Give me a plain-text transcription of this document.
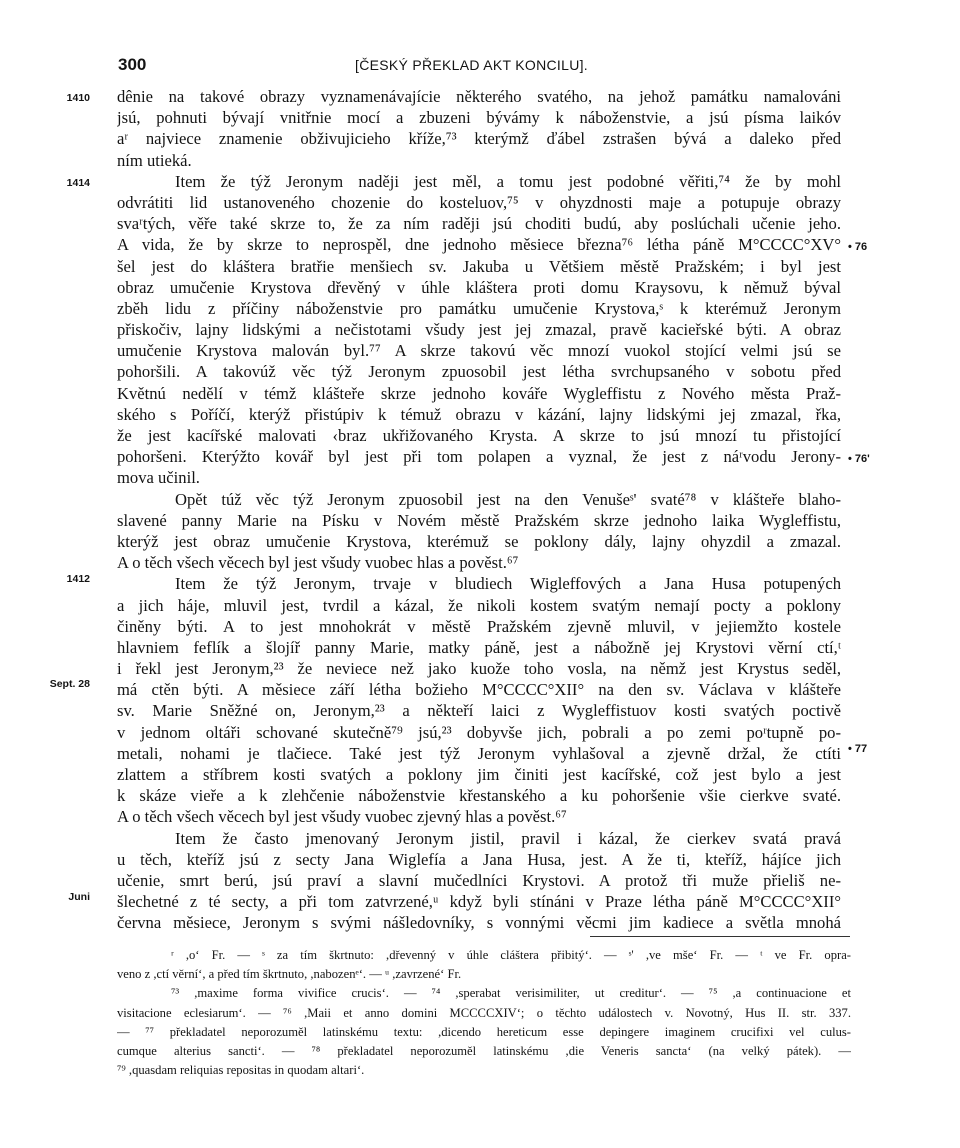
300	[ČESKÝ PŘEKLAD AKT KONCILU].
1410
1414
1412
Sept. 28
Juni
• 76
• 76'
• 77
dênie na takové obrazy vyznamenávajície některého svatého, na jehož památku namalováni
jsú, pohnuti bývají vnitřnie mocí a zbuzeni bývámy k náboženstvie, a jsú písma laikóv
aʳ najviece znamenie obživujicieho kříže,⁷³ kterýmž ďábel zstrašen bývá a daleko před
ním utieká.
Item že týž Jeronym naději jest měl, a tomu jest podobné věřiti,⁷⁴ že by mohl
odvrátiti lid ustanoveného chozenie do kosteluov,⁷⁵ v ohyzdnosti maje a potupuje obrazy
svaʳtých, věře také skrze to, že za ním raději jsú choditi budú, aby poslúchali učenie jeho.
A vida, že by skrze to neprospěl, dne jednoho měsiece března⁷⁶ létha páně M°CCCC°XV°
šel jest do kláštera bratřie menšiech sv. Jakuba u Většiem městě Pražském; i byl jest
obraz umučenie Krystova dřevěný v úhle kláštera proti domu Kraysovu, k němuž býval
zběh lidu z příčiny náboženstvie pro památku umučenie Krystova,ˢ k kterémuž Jeronym
přiskočiv, lajny lidskými a nečistotami všudy jest jej zmazal, pravě kacieřské býti. A obraz
umučenie Krystova malován byl.⁷⁷ A skrze takovú věc mnozí vuokol stojící velmi jsú se
pohoršili. A takovúž věc týž Jeronym zpuosobil jest létha svrchupsaného v sobotu před
Květnú nedělí v témž klášteře skrze jednoho kováře Wygleffistu z Nového města Praž-
ského s Poříčí, kterýž přistúpiv k témuž obrazu v kázání, lajny lidskými jej zmazal, řka,
že jest kacířské malovati ‹braz ukřižovaného Krysta. A skrze to jsú mnozí tu přistojící
pohoršeni. Kterýžto kovář byl jest při tom polapen a vyznal, že jest z náʳvodu Jerony-
mova učinil.
Opět túž věc týž Jeronym zpuosobil jest na den Venušeˢ' svaté⁷⁸ v klášteře blaho-
slavené panny Marie na Písku v Novém městě Pražském skrze jednoho laika Wygleffistu,
kterýž jest obraz umučenie Krystova, kterémuž se poklony dály, lajny ohyzdil a zmazal.
A o těch všech věcech byl jest všudy vuobec hlas a pověst.⁶⁷
Item že týž Jeronym, trvaje v bludiech Wigleffových a Jana Husa potupených
a jich háje, mluvil jest, tvrdil a kázal, že nikoli kostem svatým nemají pocty a poklony
činěny býti. A to jest mnohokrát v městě Pražském zjevně mluvil, v jejiemžto kostele
hlavniem feflík a šlojíř panny Marie, matky páně, jest a nábožně jej Krystovi věrní ctí,ᵗ
i řekl jest Jeronym,²³ že neviece než jako kuože toho vosla, na němž jest Krystus seděl,
má ctěn býti. A měsiece září létha božieho M°CCCC°XII° na den sv. Václava v klášteře
sv. Marie Sněžné on, Jeronym,²³ a někteří laici z Wygleffistuov kosti svatých poctivě
v jednom oltáři schované skutečně⁷⁹ jsú,²³ dobyvše jich, pobrali a po zemi poʳtupně po-
metali, nohami je tlačiece. Také jest týž Jeronym vyhlašoval a zjevně držal, že ctíti
zlattem a stříbrem kosti svatých a poklony jim činiti jest kacířské, což jest bylo a jest
k skáze vieře a k zlehčenie náboženstvie křestanského a ku pohoršenie všie cierkve svaté.
A o těch všech věcech byl jest všudy vuobec zjevný hlas a pověst.⁶⁷
Item že často jmenovaný Jeronym jistil, pravil i kázal, že cierkev svatá pravá
u těch, kteříž jsú z secty Jana Wiglefía a Jana Husa, jest. A že ti, kteříž, hájíce jich
učenie, smrt berú, jsú praví a slavní mučedlníci Krystovi. A protož tři muže přieliš ne-
šlechetné z té secty, a při tom zatvrzené,ᵘ když byli stínáni v Praze létha páně M°CCCC°XII°
června měsiece, Jeronym s svými nášledovníky, s vonnými věcmi jim kadiece a světla mnohá
ʳ ,o‘ Fr. — ˢ za tím škrtnuto: ,dřevenný v úhle cláštera přibitý‘. — ˢ' ,ve mše‘ Fr. — ᵗ ve Fr. opra-
veno z ,ctí věrní‘, a před tím škrtnuto, ,nabozenᵉ‘. — ᵘ ,zavrzené‘ Fr.
⁷³ ,maxime forma vivifice crucis‘. — ⁷⁴ ,sperabat verisimiliter, ut creditur‘. — ⁷⁵ ,a continuacione et
visitacione eclesiarum‘. — ⁷⁶ ,Maii et anno domini MCCCCXIV‘; o těchto událostech v. Novotný, Hus II. str. 337.
— ⁷⁷ překladatel neporozuměl latinskému textu: ,dicendo hereticum esse depingere imaginem crucifixi vel culus-
cumque alterius sancti‘. — ⁷⁸ překladatel neporozuměl latinskému ,die Veneris sancta‘ (na velký pátek). —
⁷⁹ ,quasdam reliquias repositas in quodam altari‘.
